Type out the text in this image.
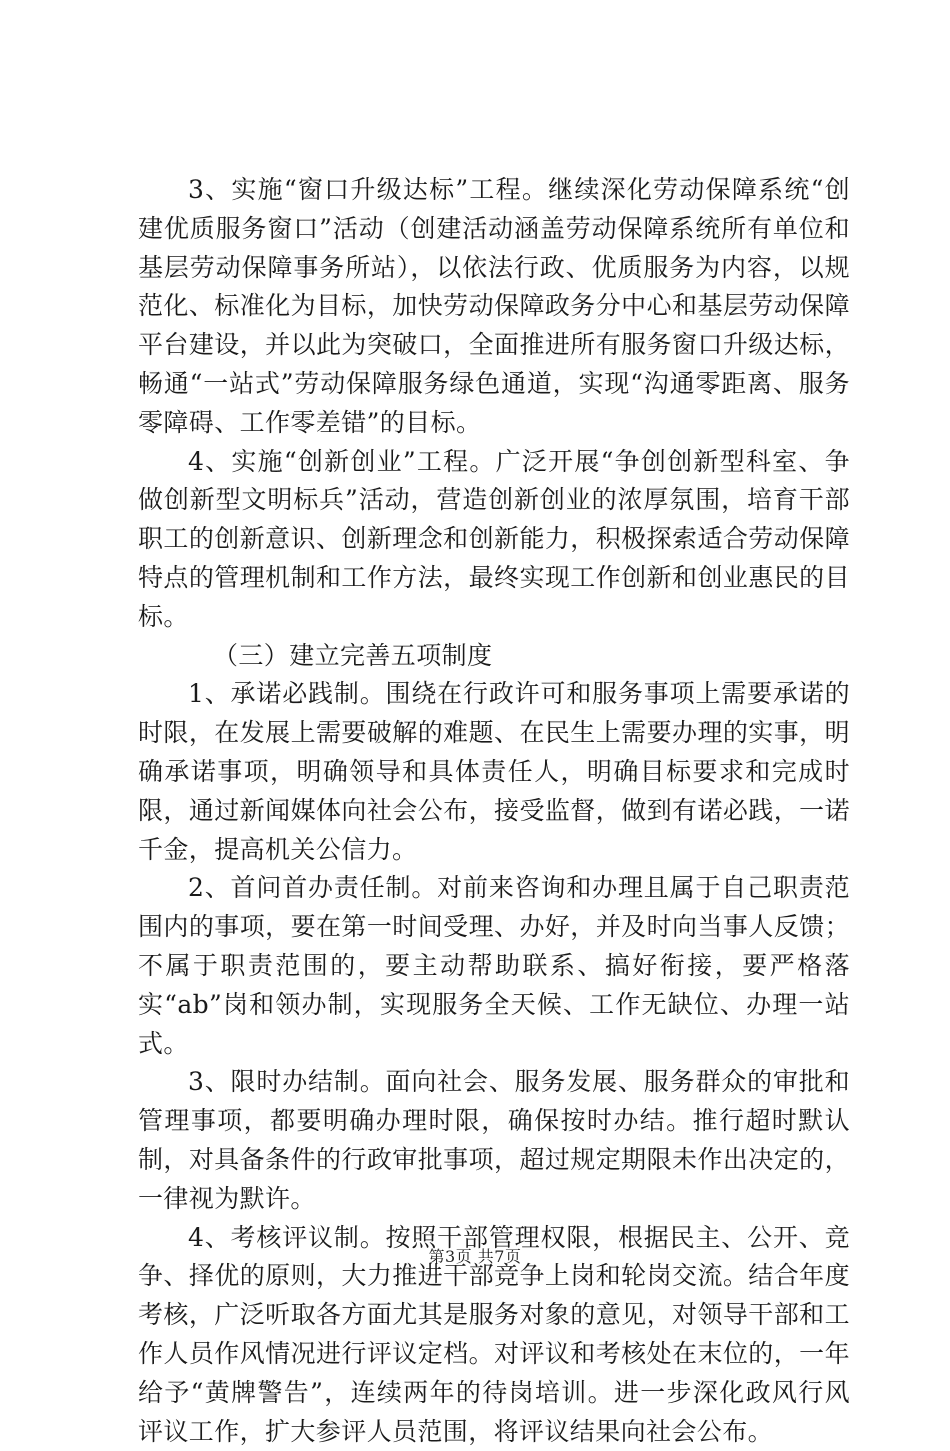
3、实施“窗口升级达标”工程。继续深化劳动保障系统“创建优质服务窗口”活动（创建活动涵盖劳动保障系统所有单位和基层劳动保障事务所站），以依法行政、优质服务为内容，以规范化、标准化为目标，加快劳动保障政务分中心和基层劳动保障平台建设，并以此为突破口，全面推进所有服务窗口升级达标，畅通“一站式”劳动保障服务绿色通道，实现“沟通零距离、服务零障碍、工作零差错”的目标。

4、实施“创新创业”工程。广泛开展“争创创新型科室、争做创新型文明标兵”活动，营造创新创业的浓厚氛围，培育干部职工的创新意识、创新理念和创新能力，积极探索适合劳动保障特点的管理机制和工作方法，最终实现工作创新和创业惠民的目标。

（三）建立完善五项制度

1、承诺必践制。围绕在行政许可和服务事项上需要承诺的时限，在发展上需要破解的难题、在民生上需要办理的实事，明确承诺事项，明确领导和具体责任人，明确目标要求和完成时限，通过新闻媒体向社会公布，接受监督，做到有诺必践，一诺千金，提高机关公信力。

2、首问首办责任制。对前来咨询和办理且属于自己职责范围内的事项，要在第一时间受理、办好，并及时向当事人反馈；不属于职责范围的，要主动帮助联系、搞好衔接，要严格落实“ab”岗和领办制，实现服务全天候、工作无缺位、办理一站式。

3、限时办结制。面向社会、服务发展、服务群众的审批和管理事项，都要明确办理时限，确保按时办结。推行超时默认制，对具备条件的行政审批事项，超过规定期限未作出决定的，一律视为默许。

4、考核评议制。按照干部管理权限，根据民主、公开、竞争、择优的原则，大力推进干部竞争上岗和轮岗交流。结合年度考核，广泛听取各方面尤其是服务对象的意见，对领导干部和工作人员作风情况进行评议定档。对评议和考核处在末位的，一年给予“黄牌警告”，连续两年的待岗培训。进一步深化政风行风评议工作，扩大参评人员范围，将评议结果向社会公布。

第3页 共7页
